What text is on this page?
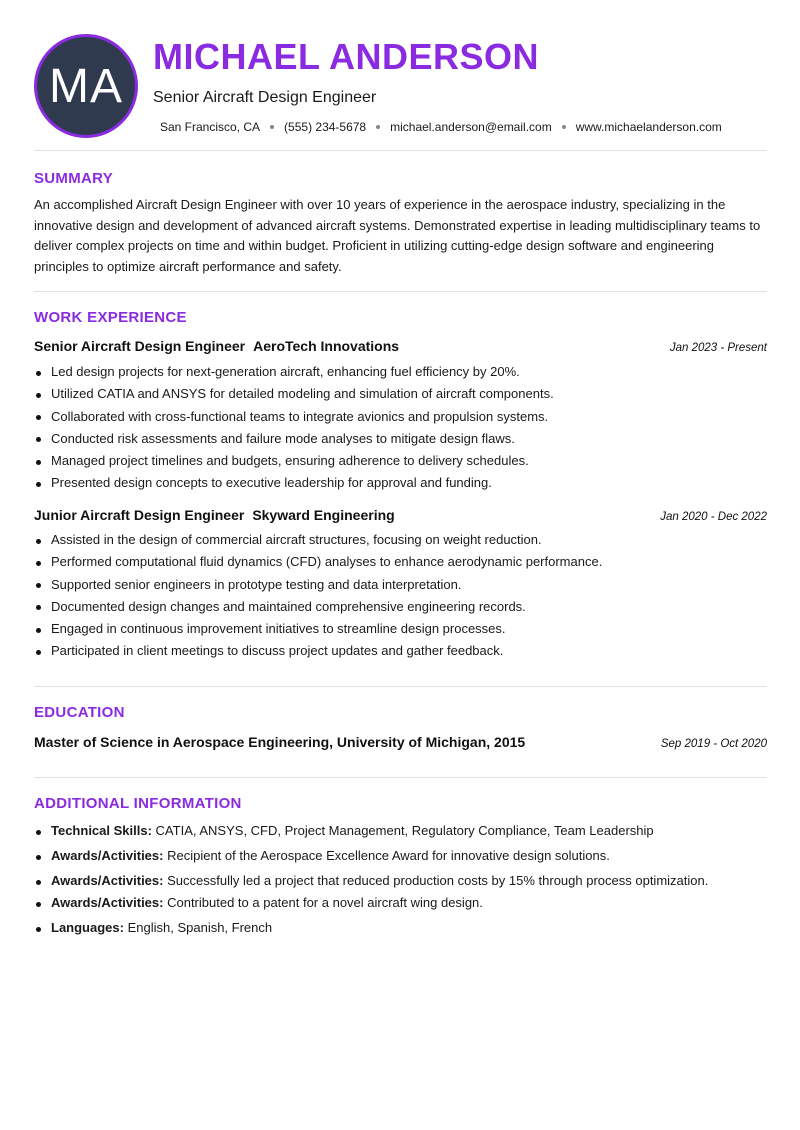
MA
MICHAEL ANDERSON
Senior Aircraft Design Engineer
San Francisco, CA (555) 234-5678 michael.anderson@email.com www.michaelanderson.com
SUMMARY
An accomplished Aircraft Design Engineer with over 10 years of experience in the aerospace industry, specializing in the innovative design and development of advanced aircraft systems. Demonstrated expertise in leading multidisciplinary teams to deliver complex projects on time and within budget. Proficient in utilizing cutting-edge design software and engineering principles to optimize aircraft performance and safety.
WORK EXPERIENCE
Senior Aircraft Design Engineer AeroTech Innovations	Jan 2023 - Present
Led design projects for next-generation aircraft, enhancing fuel efficiency by 20%.
Utilized CATIA and ANSYS for detailed modeling and simulation of aircraft components.
Collaborated with cross-functional teams to integrate avionics and propulsion systems.
Conducted risk assessments and failure mode analyses to mitigate design flaws.
Managed project timelines and budgets, ensuring adherence to delivery schedules.
Presented design concepts to executive leadership for approval and funding.
Junior Aircraft Design Engineer Skyward Engineering	Jan 2020 - Dec 2022
Assisted in the design of commercial aircraft structures, focusing on weight reduction.
Performed computational fluid dynamics (CFD) analyses to enhance aerodynamic performance.
Supported senior engineers in prototype testing and data interpretation.
Documented design changes and maintained comprehensive engineering records.
Engaged in continuous improvement initiatives to streamline design processes.
Participated in client meetings to discuss project updates and gather feedback.
EDUCATION
Master of Science in Aerospace Engineering, University of Michigan, 2015	Sep 2019 - Oct 2020
ADDITIONAL INFORMATION
Technical Skills: CATIA, ANSYS, CFD, Project Management, Regulatory Compliance, Team Leadership
Awards/Activities: Recipient of the Aerospace Excellence Award for innovative design solutions.
Awards/Activities: Successfully led a project that reduced production costs by 15% through process optimization.
Awards/Activities: Contributed to a patent for a novel aircraft wing design.
Languages: English, Spanish, French
